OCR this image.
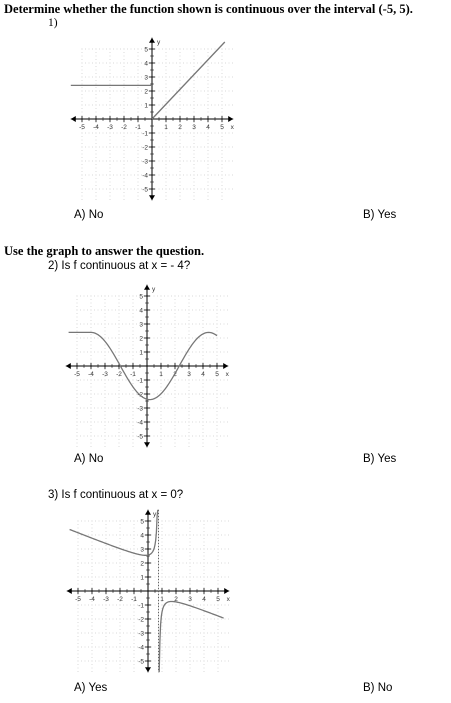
Determine whether the function shown is continuous over the interval (-5, 5).
1)
-5 -4 -3 -2 -1	1 2 3 4 5
5
4
3
2
1
-1
-2
-3
-4
-5
x
y
A) No	B) Yes
Use the graph to answer the question.
2) Is f continuous at x = - 4?
-5 -4 -3 -2 -1	1 2 3 4 5
5
4
3
2
1
-1
-2
-3
-4
-5
x
y
A) No	B) Yes
3) Is f continuous at x = 0?
-5 -4 -3 -2 -1	1 2 3 4 5
5
4
3
2
1
-1
-2
-3
-4
-5
x
y
A) Yes	B) No
